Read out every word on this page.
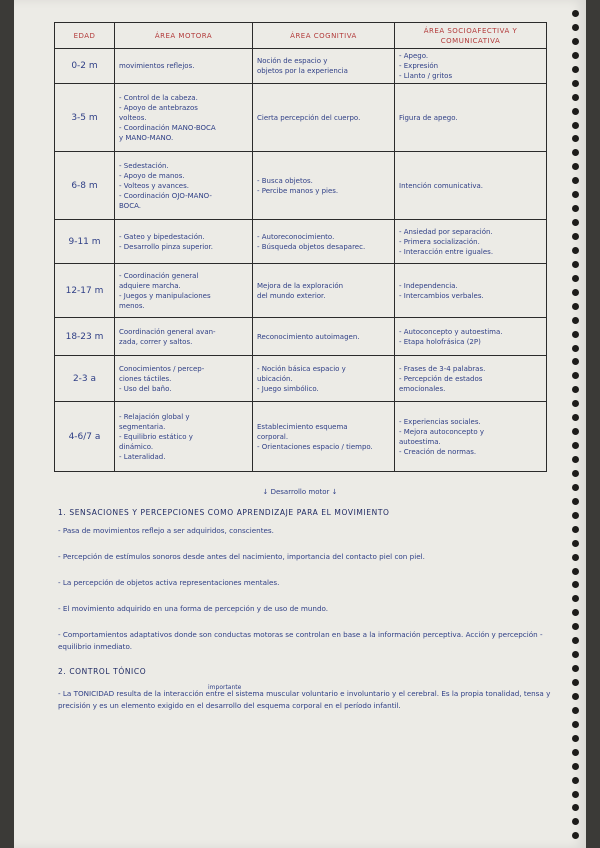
EDAD	ÁREA MOTORA	ÁREA COGNITIVA	ÁREA SOCIOAFECTIVA Y COMUNICATIVA
0-2 m	movimientos reflejos.	Noción de espacio y
objetos por la experiencia	- Apego.
- Expresión
- Llanto / gritos

3-5 m	- Control de la cabeza.
- Apoyo de antebrazos
volteos.
- Coordinación MANO-BOCA
y MANO-MANO.	Cierta percepción del cuerpo.	Figura de apego.

6-8 m	- Sedestación.
- Apoyo de manos.
- Volteos y avances.
- Coordinación OJO-MANO-
BOCA.	- Busca objetos.
- Percibe manos y pies.	Intención comunicativa.

9-11 m	- Gateo y bipedestación.
- Desarrollo pinza superior.	- Autoreconocimiento.
- Búsqueda objetos desaparec.	- Ansiedad por separación.
- Primera socialización.
- Interacción entre iguales.

12-17 m	- Coordinación general
adquiere marcha.
- Juegos y manipulaciones
menos.	Mejora de la exploración
del mundo exterior.	- Independencia.
- Intercambios verbales.

18-23 m	Coordinación general avan-
zada, correr y saltos.	Reconocimiento autoimagen.	- Autoconcepto y autoestima.
- Etapa holofrásica (2P)

2-3 a	Conocimientos / percep-
ciones táctiles.
- Uso del baño.	- Noción básica espacio y
ubicación.
- Juego simbólico.	- Frases de 3-4 palabras.
- Percepción de estados
emocionales.

4-6/7 a	- Relajación global y
segmentaria.
- Equilibrio estático y
dinámico.
- Lateralidad.	Establecimiento esquema
corporal.
- Orientaciones espacio / tiempo.	- Experiencias sociales.
- Mejora autoconcepto y
autoestima.
- Creación de normas.
↓ Desarrollo motor ↓
1. SENSACIONES Y PERCEPCIONES COMO APRENDIZAJE PARA EL MOVIMIENTO
- Pasa de movimientos reflejo a ser adquiridos, conscientes.
- Percepción de estímulos sonoros desde antes del nacimiento, importancia del contacto piel con piel.
- La percepción de objetos activa representaciones mentales.
- El movimiento adquirido en una forma de percepción y de uso de mundo.
- Comportamientos adaptativos donde son conductas motoras se controlan en base a la información perceptiva. Acción y percepción - equilibrio inmediato.
2. CONTROL TÓNICO
importante
- La TONICIDAD resulta de la interacción entre el sistema muscular voluntario e involuntario y el cerebral. Es la propia tonalidad, tensa y precisión y es un elemento exigido en el desarrollo del esquema corporal en el período infantil.
